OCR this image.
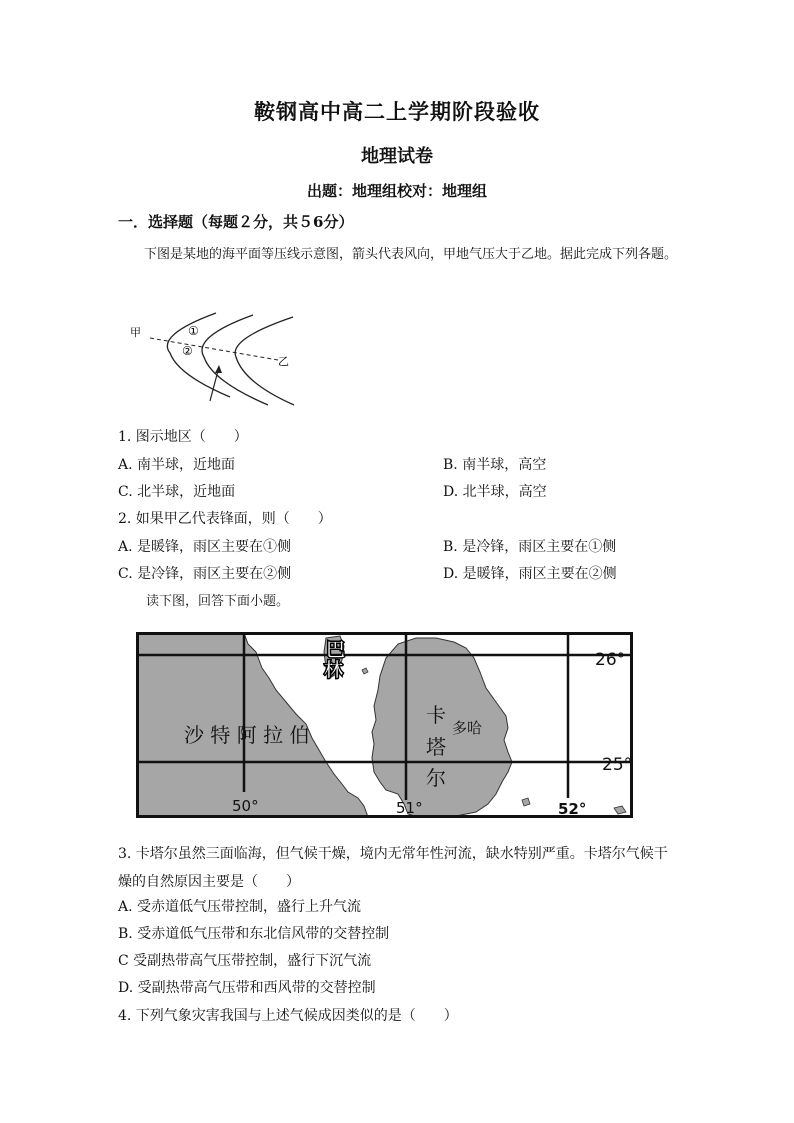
鞍钢高中高二上学期阶段验收
地理试卷
出题：地理组校对：地理组
一．选择题（每题２分，共５6分）
下图是某地的海平面等压线示意图，箭头代表风向，甲地气压大于乙地。据此完成下列各题。
甲
乙
①
②
1. 图示地区（　　）
A. 南半球，近地面	B. 南半球，高空
C. 北半球，近地面	D. 北半球，高空
2. 如果甲乙代表锋面，则（　　）
A. 是暖锋，雨区主要在①侧	B. 是冷锋，雨区主要在①侧
C. 是冷锋，雨区主要在②侧	D. 是暖锋，雨区主要在②侧
读下图，回答下面小题。
巴
林
沙 特 阿 拉 伯
卡
塔
尔
多哈
26°
25°
50°	51°	52°
3. 卡塔尔虽然三面临海，但气候干燥，境内无常年性河流，缺水特别严重。卡塔尔气候干燥的自然原因主要是（　　）
A. 受赤道低气压带控制，盛行上升气流
B. 受赤道低气压带和东北信风带的交替控制
C 受副热带高气压带控制，盛行下沉气流
D. 受副热带高气压带和西风带的交替控制
4. 下列气象灾害我国与上述气候成因类似的是（　　）
